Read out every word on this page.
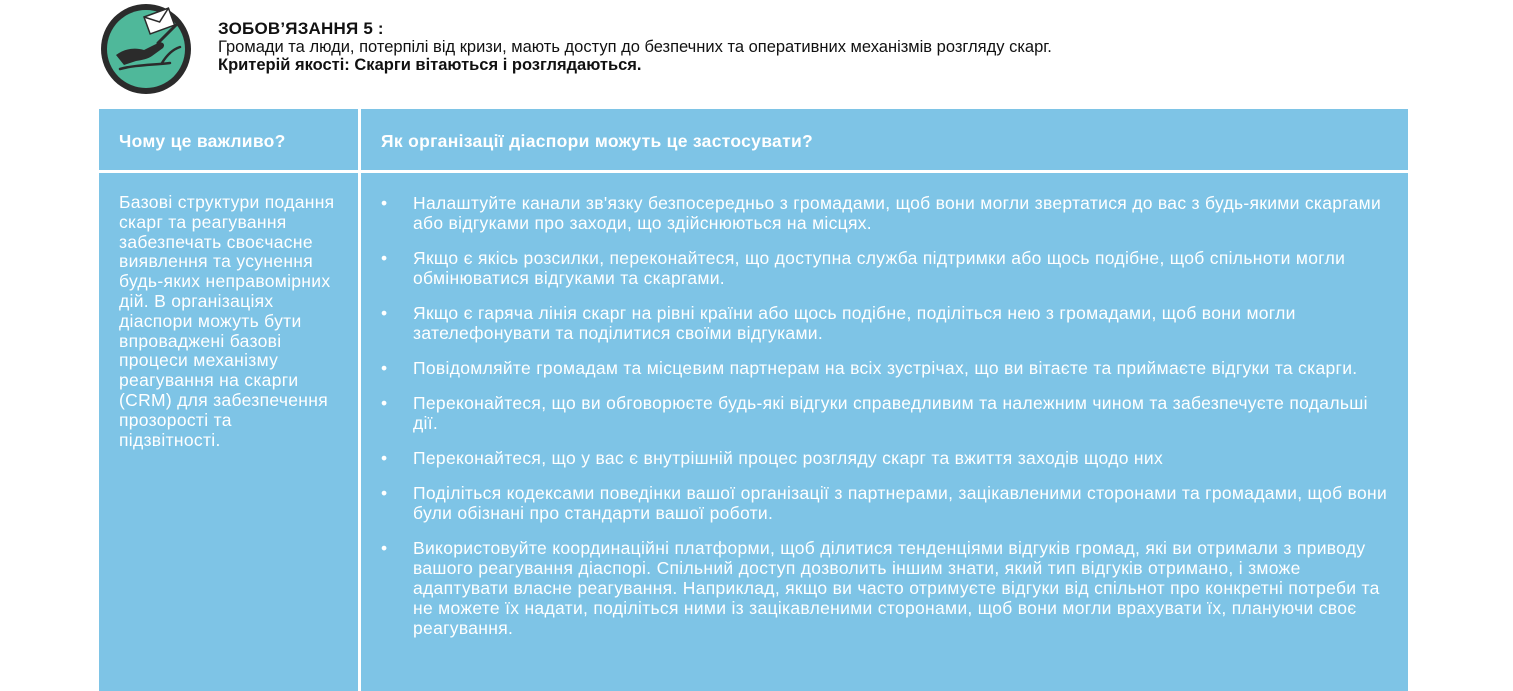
ЗОБОВ’ЯЗАННЯ 5 :
Громади та люди, потерпілі від кризи, мають доступ до безпечних та оперативних механізмів розгляду скарг.
Критерій якості: Скарги вітаються і розглядаються.
Чому це важливо?	Як організації діаспори можуть це застосувати?
Базові структури подання скарг та реагування забезпечать своєчасне виявлення та усунення будь-яких неправомірних дій. В організаціях діаспори можуть бути впроваджені базові процеси механізму реагування на скарги (CRM) для забезпечення прозорості та підзвітності.
• Налаштуйте канали зв'язку безпосередньо з громадами, щоб вони могли звертатися до вас з будь-якими скаргами або відгуками про заходи, що здійснюються на місцях.
• Якщо є якісь розсилки, переконайтеся, що доступна служба підтримки або щось подібне, щоб спільноти могли обмінюватися відгуками та скаргами.
• Якщо є гаряча лінія скарг на рівні країни або щось подібне, поділіться нею з громадами, щоб вони могли зателефонувати та поділитися своїми відгуками.
• Повідомляйте громадам та місцевим партнерам на всіх зустрічах, що ви вітаєте та приймаєте відгуки та скарги.
• Переконайтеся, що ви обговорюєте будь-які відгуки справедливим та належним чином та забезпечуєте подальші дії.
• Переконайтеся, що у вас є внутрішній процес розгляду скарг та вжиття заходів щодо них
• Поділіться кодексами поведінки вашої організації з партнерами, зацікавленими сторонами та громадами, щоб вони були обізнані про стандарти вашої роботи.
• Використовуйте координаційні платформи, щоб ділитися тенденціями відгуків громад, які ви отримали з приводу вашого реагування діаспорі. Спільний доступ дозволить іншим знати, який тип відгуків отримано, і зможе адаптувати власне реагування. Наприклад, якщо ви часто отримуєте відгуки від спільнот про конкретні потреби та не можете їх надати, поділіться ними із зацікавленими сторонами, щоб вони могли врахувати їх, плануючи своє реагування.
